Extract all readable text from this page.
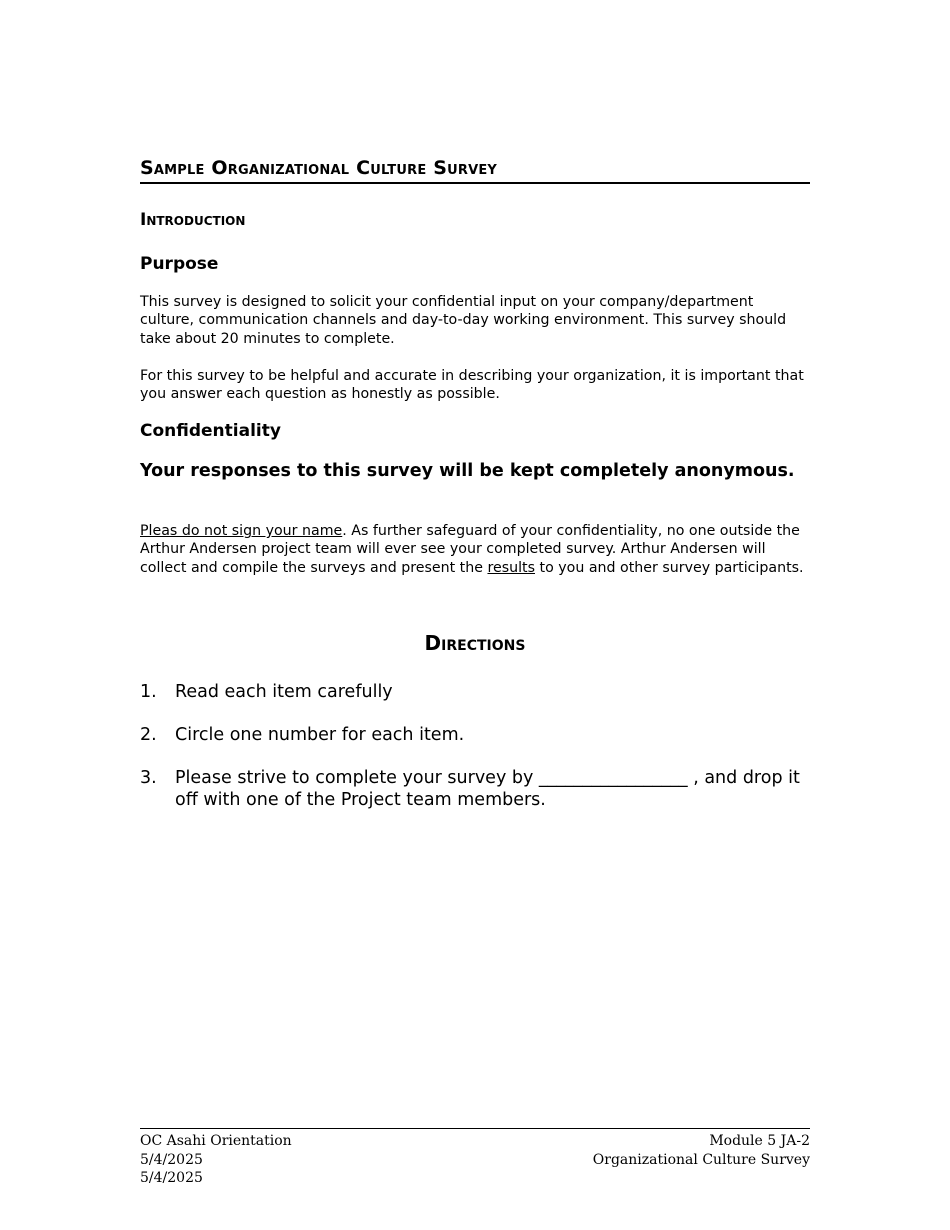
Sample Organizational Culture Survey
Introduction
Purpose
This survey is designed to solicit your confidential input on your company/department culture, communication channels and day-to-day working environment. This survey should take about 20 minutes to complete.
For this survey to be helpful and accurate in describing your organization, it is important that you answer each question as honestly as possible.
Confidentiality
Your responses to this survey will be kept completely anonymous.
Pleas do not sign your name. As further safeguard of your confidentiality, no one outside the Arthur Andersen project team will ever see your completed survey. Arthur Andersen will collect and compile the surveys and present the results to you and other survey participants.
Directions
1.	Read each item carefully
2.	Circle one number for each item.
3.	Please strive to complete your survey by _________________ , and drop it off with one of the Project team members.
OC Asahi Orientation
5/4/2025
5/4/2025
Module 5 JA-2
Organizational Culture Survey
